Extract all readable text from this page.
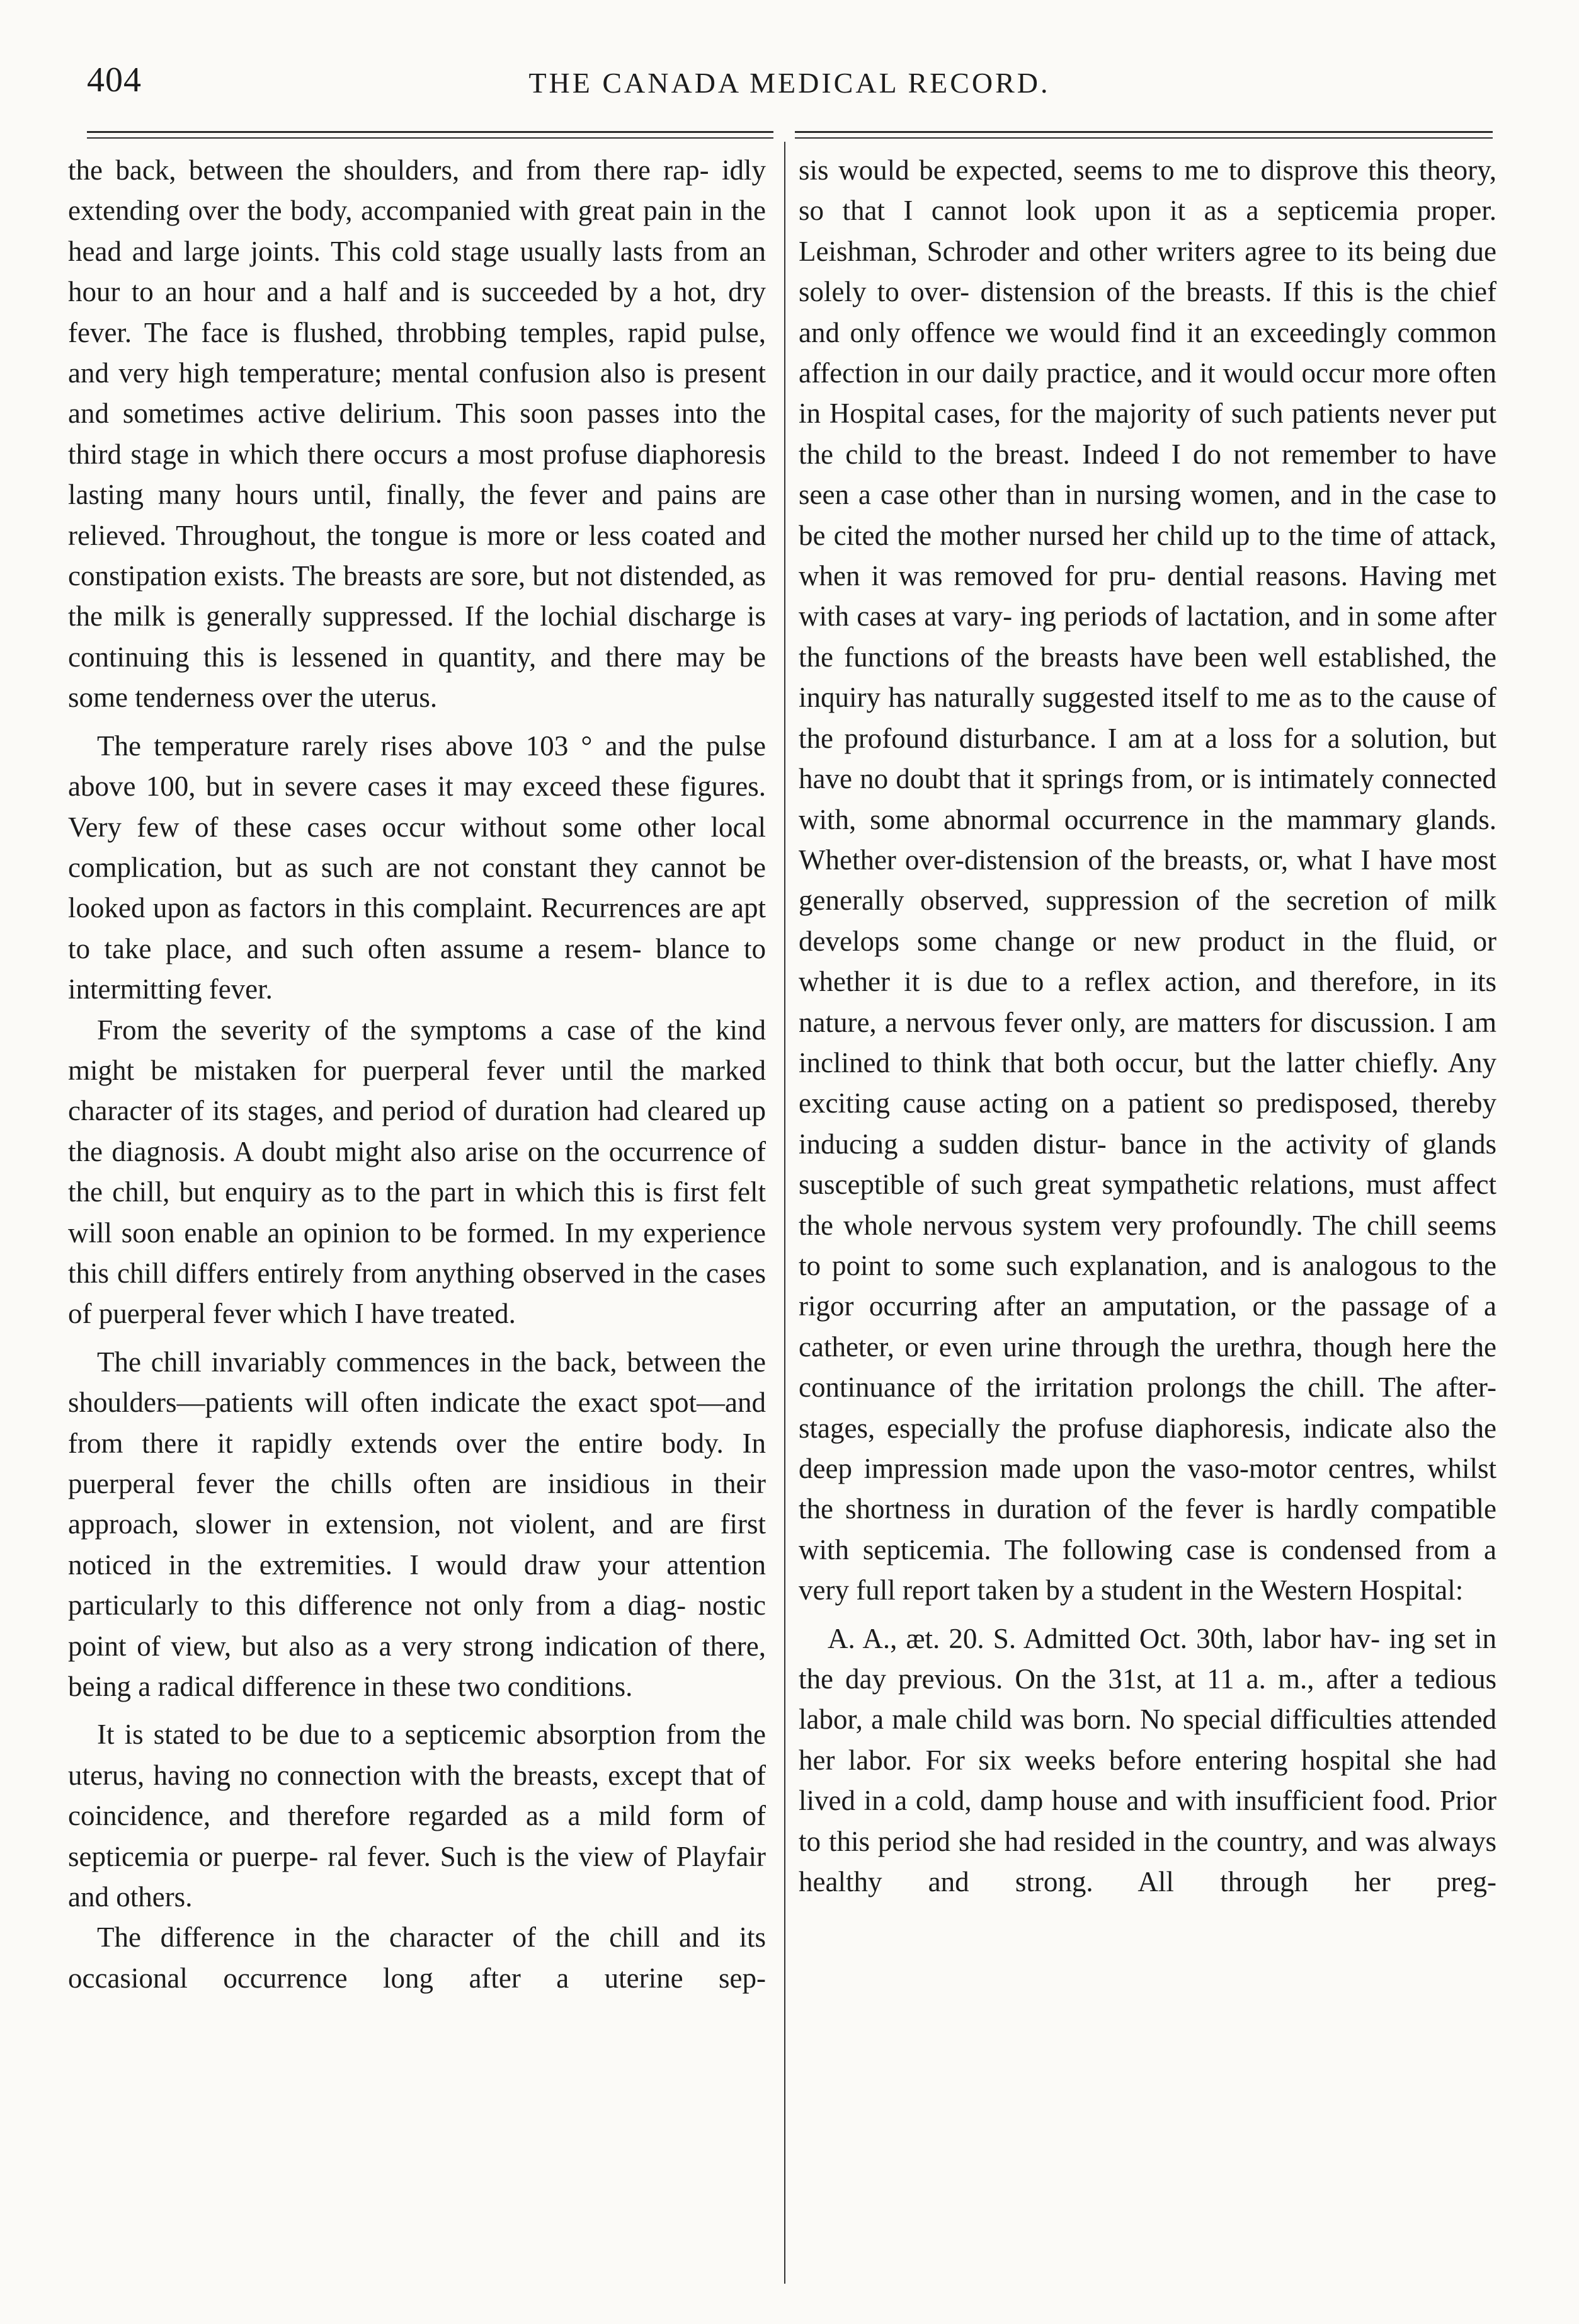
404	THE CANADA MEDICAL RECORD.

the back, between the shoulders, and from there rap- idly extending over the body, accompanied with great pain in the head and large joints. This cold stage usually lasts from an hour to an hour and a half and is succeeded by a hot, dry fever. The face is flushed, throbbing temples, rapid pulse, and very high temperature; mental confusion also is present and sometimes active delirium. This soon passes into the third stage in which there occurs a most profuse diaphoresis lasting many hours until, finally, the fever and pains are relieved. Throughout, the tongue is more or less coated and constipation exists. The breasts are sore, but not distended, as the milk is generally suppressed. If the lochial discharge is continuing this is lessened in quantity, and there may be some tenderness over the uterus.

The temperature rarely rises above 103 ° and the pulse above 100, but in severe cases it may exceed these figures. Very few of these cases occur without some other local complication, but as such are not constant they cannot be looked upon as factors in this complaint. Recurrences are apt to take place, and such often assume a resem- blance to intermitting fever.

From the severity of the symptoms a case of the kind might be mistaken for puerperal fever until the marked character of its stages, and period of duration had cleared up the diagnosis. A doubt might also arise on the occurrence of the chill, but enquiry as to the part in which this is first felt will soon enable an opinion to be formed. In my experience this chill differs entirely from anything observed in the cases of puerperal fever which I have treated.

The chill invariably commences in the back, between the shoulders—patients will often indicate the exact spot—and from there it rapidly extends over the entire body. In puerperal fever the chills often are insidious in their approach, slower in extension, not violent, and are first noticed in the extremities. I would draw your attention particularly to this difference not only from a diag- nostic point of view, but also as a very strong indication of there, being a radical difference in these two conditions.

It is stated to be due to a septicemic absorption from the uterus, having no connection with the breasts, except that of coincidence, and therefore regarded as a mild form of septicemia or puerpe- ral fever. Such is the view of Playfair and others.

The difference in the character of the chill and its occasional occurrence long after a uterine sep-

sis would be expected, seems to me to disprove this theory, so that I cannot look upon it as a septicemia proper. Leishman, Schroder and other writers agree to its being due solely to over- distension of the breasts. If this is the chief and only offence we would find it an exceedingly common affection in our daily practice, and it would occur more often in Hospital cases, for the majority of such patients never put the child to the breast. Indeed I do not remember to have seen a case other than in nursing women, and in the case to be cited the mother nursed her child up to the time of attack, when it was removed for pru- dential reasons. Having met with cases at vary- ing periods of lactation, and in some after the functions of the breasts have been well established, the inquiry has naturally suggested itself to me as to the cause of the profound disturbance. I am at a loss for a solution, but have no doubt that it springs from, or is intimately connected with, some abnormal occurrence in the mammary glands. Whether over-distension of the breasts, or, what I have most generally observed, suppression of the secretion of milk develops some change or new product in the fluid, or whether it is due to a reflex action, and therefore, in its nature, a nervous fever only, are matters for discussion. I am inclined to think that both occur, but the latter chiefly. Any exciting cause acting on a patient so predisposed, thereby inducing a sudden distur- bance in the activity of glands susceptible of such great sympathetic relations, must affect the whole nervous system very profoundly. The chill seems to point to some such explanation, and is analogous to the rigor occurring after an amputation, or the passage of a catheter, or even urine through the urethra, though here the continuance of the irritation prolongs the chill. The after-stages, especially the profuse diaphoresis, indicate also the deep impression made upon the vaso-motor centres, whilst the shortness in duration of the fever is hardly compatible with septicemia. The following case is condensed from a very full report taken by a student in the Western Hospital:

A. A., æt. 20. S. Admitted Oct. 30th, labor hav- ing set in the day previous. On the 31st, at 11 a. m., after a tedious labor, a male child was born. No special difficulties attended her labor. For six weeks before entering hospital she had lived in a cold, damp house and with insufficient food. Prior to this period she had resided in the country, and was always healthy and strong. All through her preg-
